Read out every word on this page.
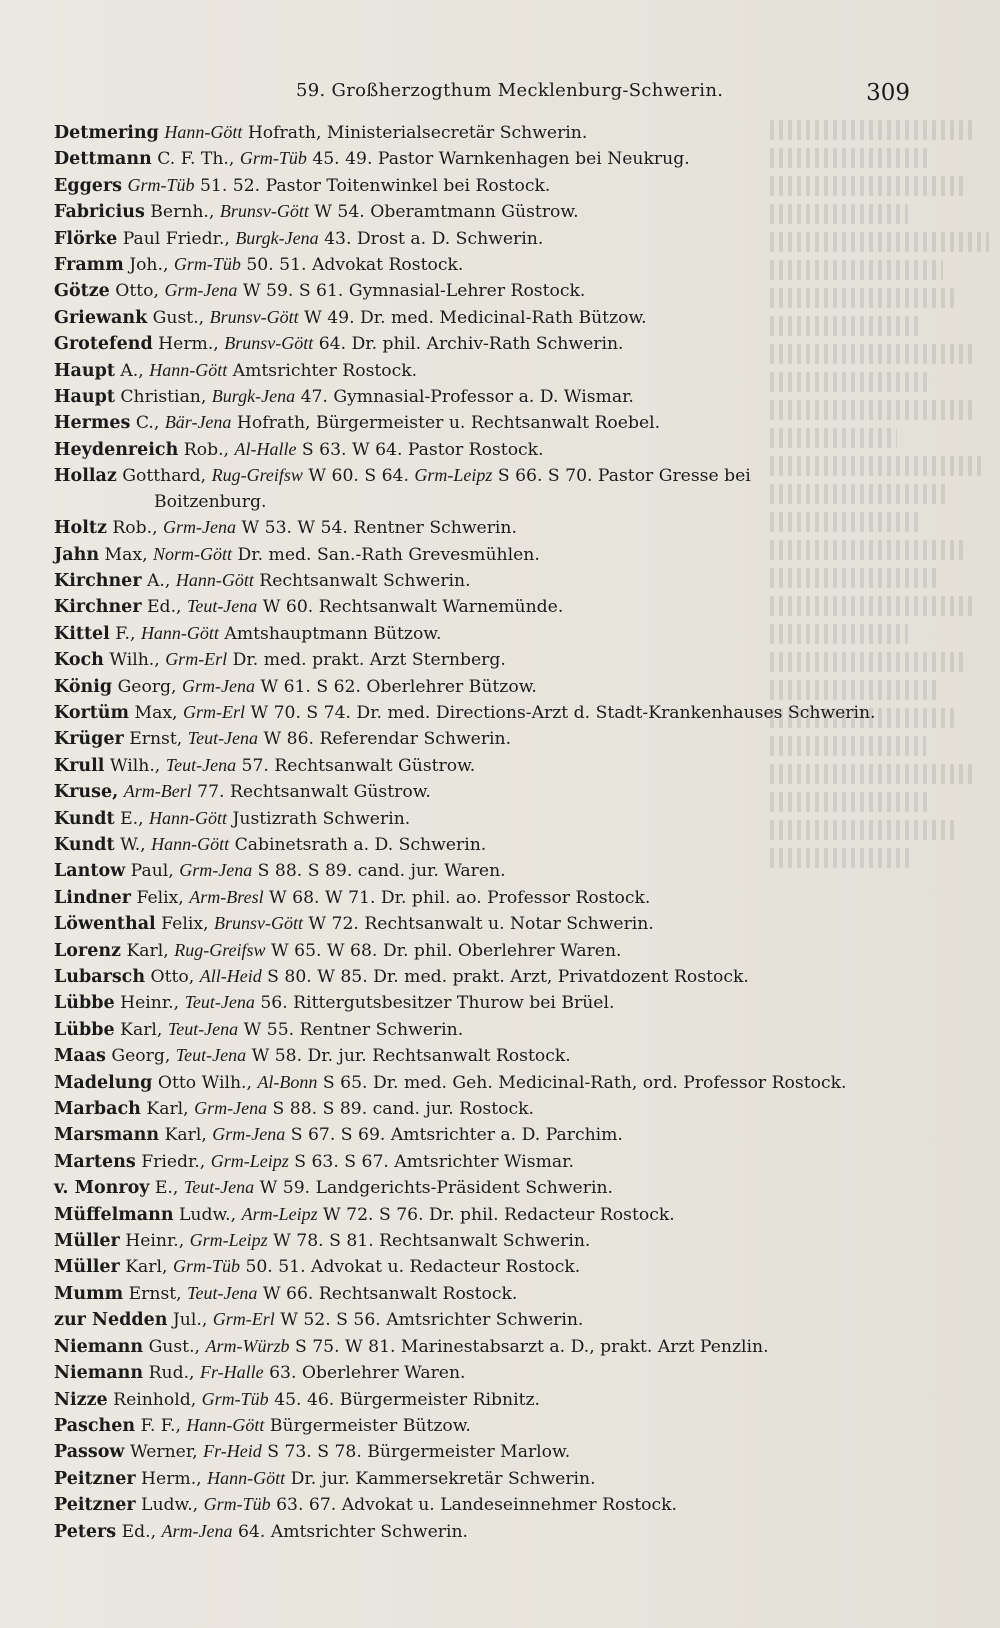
59. Großherzogthum Mecklenburg-Schwerin.	309
Detmering Hann-Gött Hofrath, Ministerialsecretär Schwerin.
Dettmann C. F. Th., Grm-Tüb 45. 49. Pastor Warnkenhagen bei Neukrug.
Eggers Grm-Tüb 51. 52. Pastor Toitenwinkel bei Rostock.
Fabricius Bernh., Brunsv-Gött W 54. Oberamtmann Güstrow.
Flörke Paul Friedr., Burgk-Jena 43. Drost a. D. Schwerin.
Framm Joh., Grm-Tüb 50. 51. Advokat Rostock.
Götze Otto, Grm-Jena W 59. S 61. Gymnasial-Lehrer Rostock.
Griewank Gust., Brunsv-Gött W 49. Dr. med. Medicinal-Rath Bützow.
Grotefend Herm., Brunsv-Gött 64. Dr. phil. Archiv-Rath Schwerin.
Haupt A., Hann-Gött Amtsrichter Rostock.
Haupt Christian, Burgk-Jena 47. Gymnasial-Professor a. D. Wismar.
Hermes C., Bär-Jena Hofrath, Bürgermeister u. Rechtsanwalt Roebel.
Heydenreich Rob., Al-Halle S 63. W 64. Pastor Rostock.
Hollaz Gotthard, Rug-Greifsw W 60. S 64. Grm-Leipz S 66. S 70. Pastor Gresse bei
Boitzenburg.
Holtz Rob., Grm-Jena W 53. W 54. Rentner Schwerin.
Jahn Max, Norm-Gött Dr. med. San.-Rath Grevesmühlen.
Kirchner A., Hann-Gött Rechtsanwalt Schwerin.
Kirchner Ed., Teut-Jena W 60. Rechtsanwalt Warnemünde.
Kittel F., Hann-Gött Amtshauptmann Bützow.
Koch Wilh., Grm-Erl Dr. med. prakt. Arzt Sternberg.
König Georg, Grm-Jena W 61. S 62. Oberlehrer Bützow.
Kortüm Max, Grm-Erl W 70. S 74. Dr. med. Directions-Arzt d. Stadt-Krankenhauses Schwerin.
Krüger Ernst, Teut-Jena W 86. Referendar Schwerin.
Krull Wilh., Teut-Jena 57. Rechtsanwalt Güstrow.
Kruse, Arm-Berl 77. Rechtsanwalt Güstrow.
Kundt E., Hann-Gött Justizrath Schwerin.
Kundt W., Hann-Gött Cabinetsrath a. D. Schwerin.
Lantow Paul, Grm-Jena S 88. S 89. cand. jur. Waren.
Lindner Felix, Arm-Bresl W 68. W 71. Dr. phil. ao. Professor Rostock.
Löwenthal Felix, Brunsv-Gött W 72. Rechtsanwalt u. Notar Schwerin.
Lorenz Karl, Rug-Greifsw W 65. W 68. Dr. phil. Oberlehrer Waren.
Lubarsch Otto, All-Heid S 80. W 85. Dr. med. prakt. Arzt, Privatdozent Rostock.
Lübbe Heinr., Teut-Jena 56. Rittergutsbesitzer Thurow bei Brüel.
Lübbe Karl, Teut-Jena W 55. Rentner Schwerin.
Maas Georg, Teut-Jena W 58. Dr. jur. Rechtsanwalt Rostock.
Madelung Otto Wilh., Al-Bonn S 65. Dr. med. Geh. Medicinal-Rath, ord. Professor Rostock.
Marbach Karl, Grm-Jena S 88. S 89. cand. jur. Rostock.
Marsmann Karl, Grm-Jena S 67. S 69. Amtsrichter a. D. Parchim.
Martens Friedr., Grm-Leipz S 63. S 67. Amtsrichter Wismar.
v. Monroy E., Teut-Jena W 59. Landgerichts-Präsident Schwerin.
Müffelmann Ludw., Arm-Leipz W 72. S 76. Dr. phil. Redacteur Rostock.
Müller Heinr., Grm-Leipz W 78. S 81. Rechtsanwalt Schwerin.
Müller Karl, Grm-Tüb 50. 51. Advokat u. Redacteur Rostock.
Mumm Ernst, Teut-Jena W 66. Rechtsanwalt Rostock.
zur Nedden Jul., Grm-Erl W 52. S 56. Amtsrichter Schwerin.
Niemann Gust., Arm-Würzb S 75. W 81. Marinestabsarzt a. D., prakt. Arzt Penzlin.
Niemann Rud., Fr-Halle 63. Oberlehrer Waren.
Nizze Reinhold, Grm-Tüb 45. 46. Bürgermeister Ribnitz.
Paschen F. F., Hann-Gött Bürgermeister Bützow.
Passow Werner, Fr-Heid S 73. S 78. Bürgermeister Marlow.
Peitzner Herm., Hann-Gött Dr. jur. Kammersekretär Schwerin.
Peitzner Ludw., Grm-Tüb 63. 67. Advokat u. Landeseinnehmer Rostock.
Peters Ed., Arm-Jena 64. Amtsrichter Schwerin.
